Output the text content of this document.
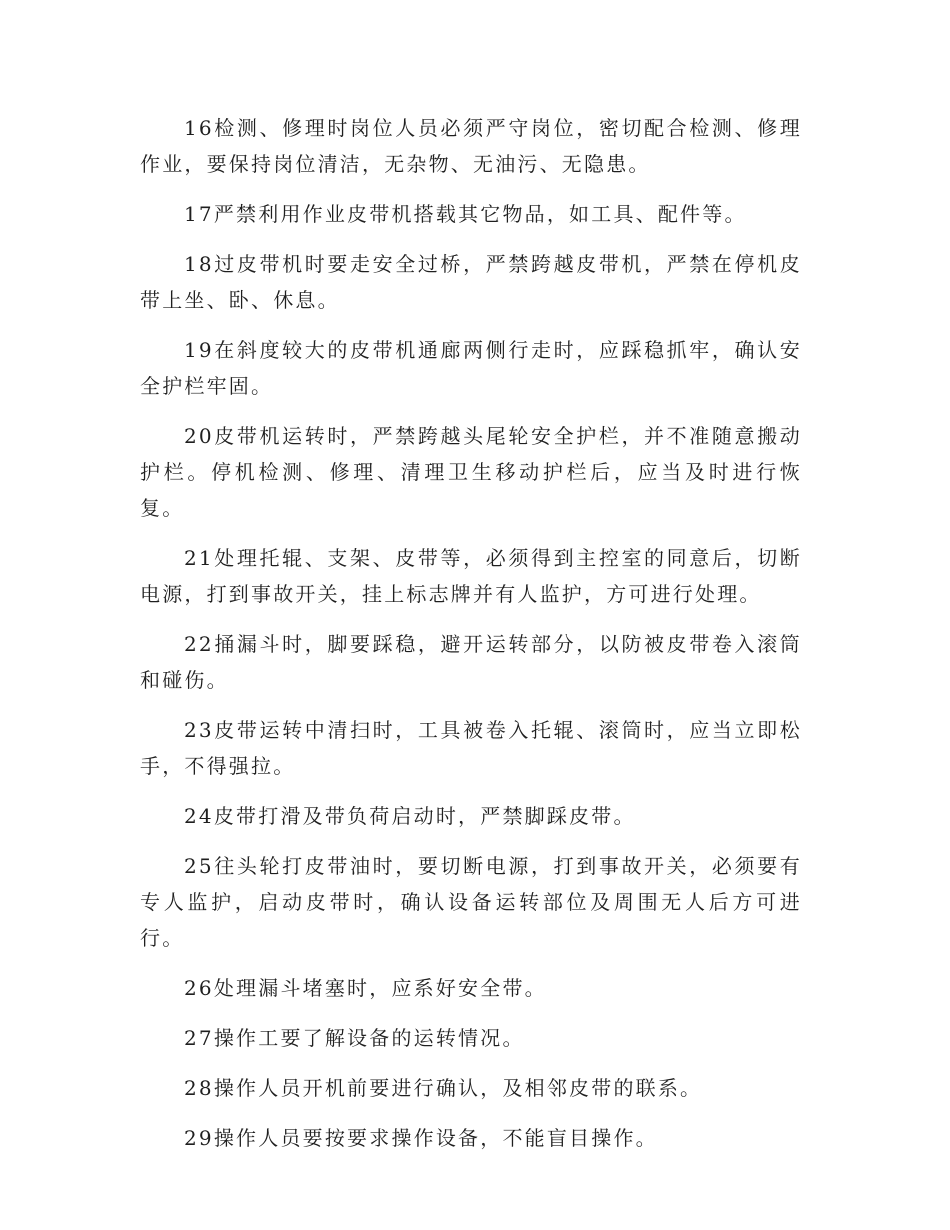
16检测、修理时岗位人员必须严守岗位，密切配合检测、修理作业，要保持岗位清洁，无杂物、无油污、无隐患。

17严禁利用作业皮带机搭载其它物品，如工具、配件等。

18过皮带机时要走安全过桥，严禁跨越皮带机，严禁在停机皮带上坐、卧、休息。

19在斜度较大的皮带机通廊两侧行走时，应踩稳抓牢，确认安全护栏牢固。

20皮带机运转时，严禁跨越头尾轮安全护栏，并不准随意搬动护栏。停机检测、修理、清理卫生移动护栏后，应当及时进行恢复。

21处理托辊、支架、皮带等，必须得到主控室的同意后，切断电源，打到事故开关，挂上标志牌并有人监护，方可进行处理。

22捅漏斗时，脚要踩稳，避开运转部分，以防被皮带卷入滚筒和碰伤。

23皮带运转中清扫时，工具被卷入托辊、滚筒时，应当立即松手，不得强拉。

24皮带打滑及带负荷启动时，严禁脚踩皮带。

25往头轮打皮带油时，要切断电源，打到事故开关，必须要有专人监护，启动皮带时，确认设备运转部位及周围无人后方可进行。

26处理漏斗堵塞时，应系好安全带。

27操作工要了解设备的运转情况。

28操作人员开机前要进行确认，及相邻皮带的联系。

29操作人员要按要求操作设备，不能盲目操作。
